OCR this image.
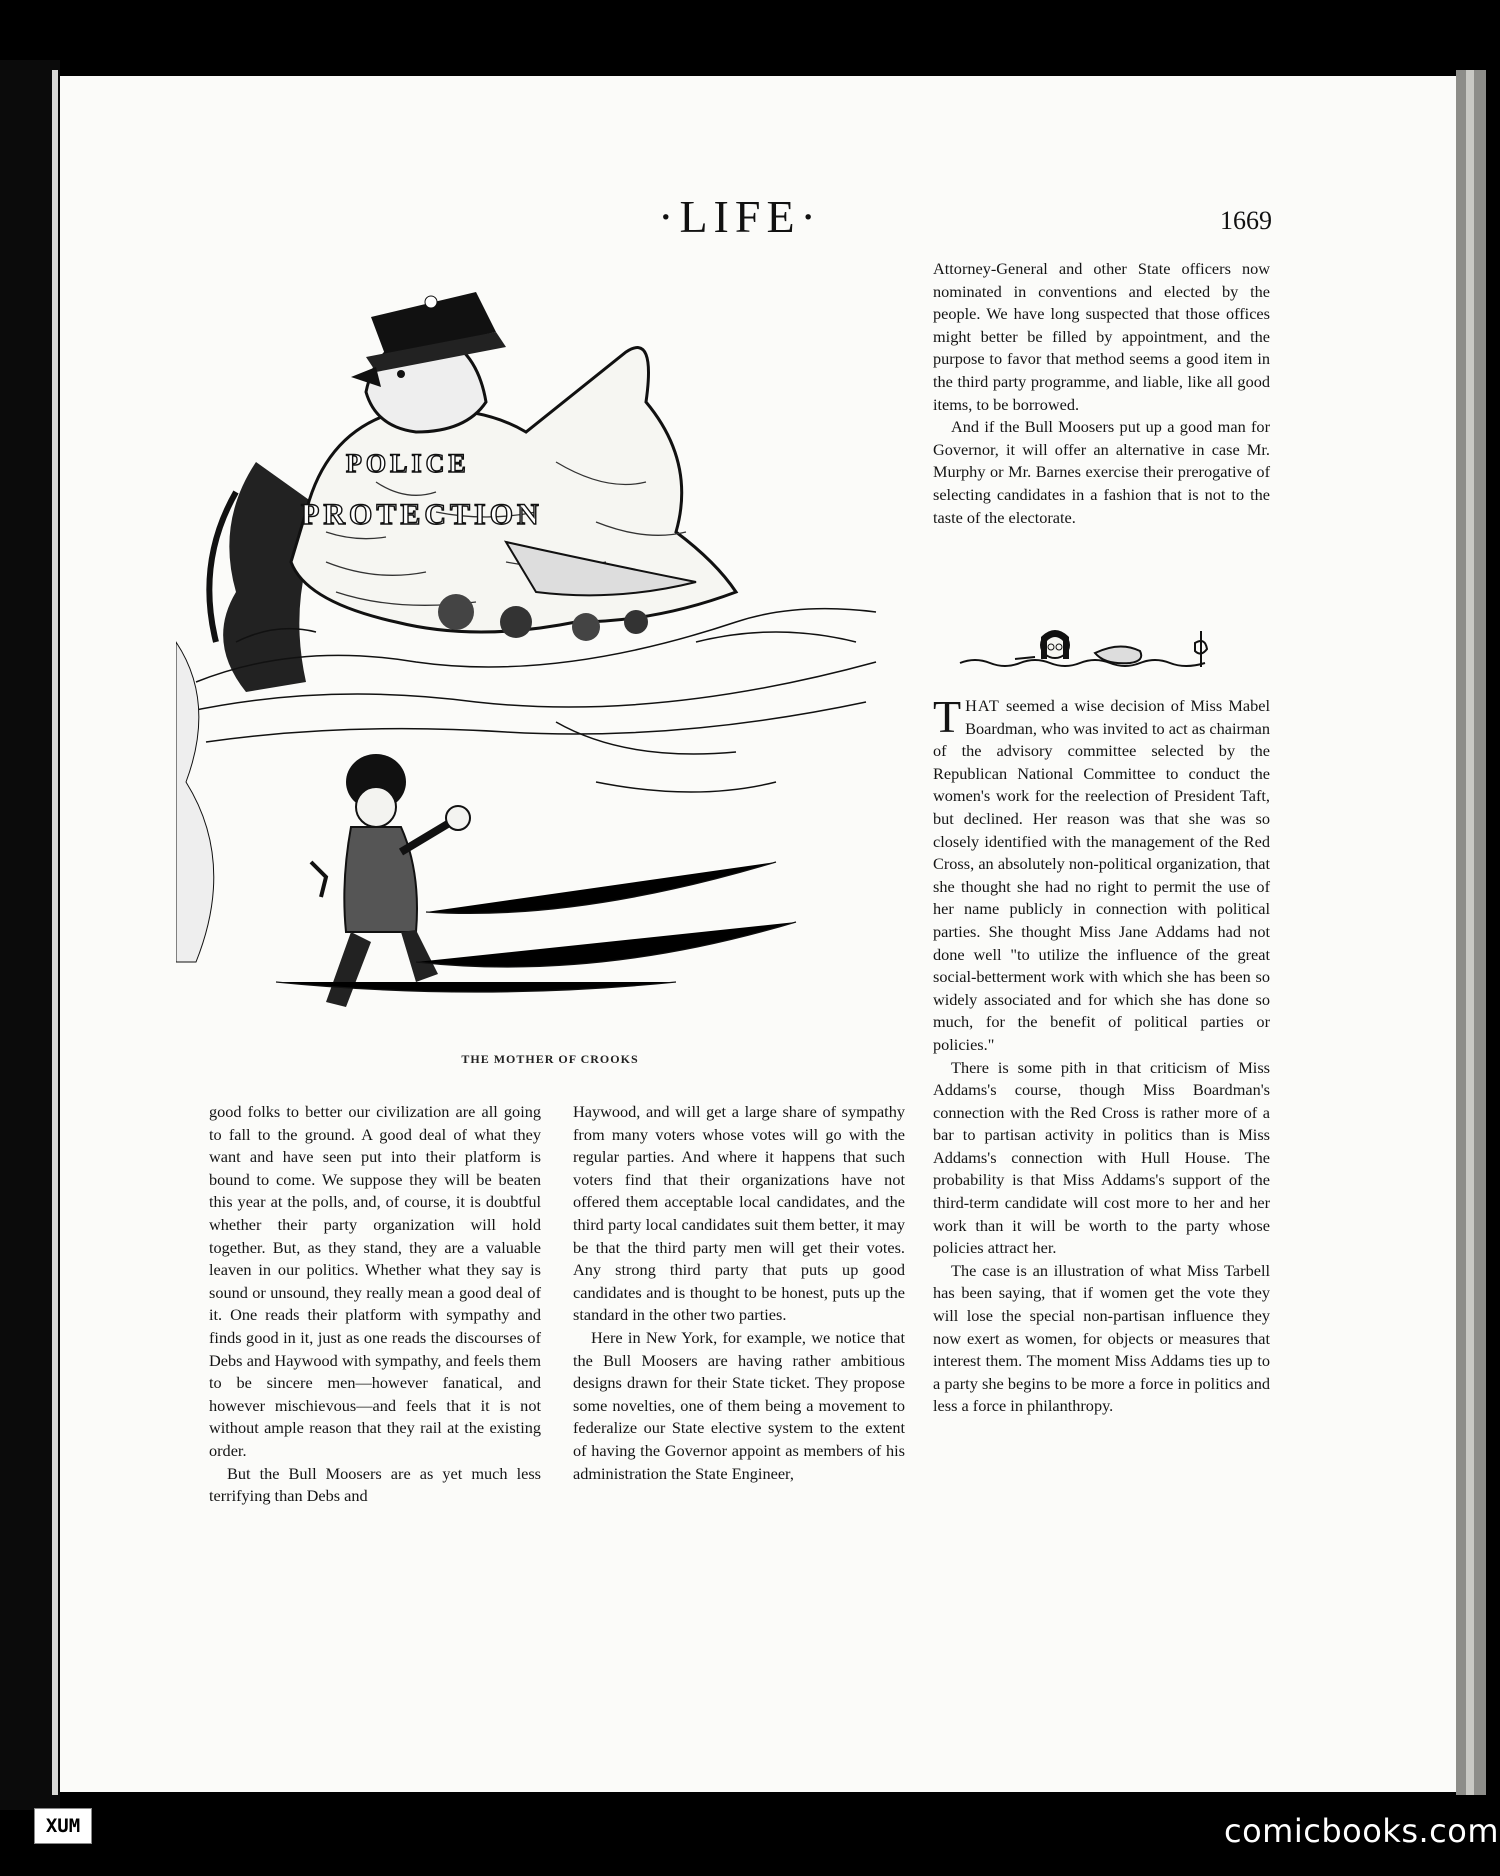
·LIFE·	1669
POLICE
PROTECTION
THE MOTHER OF CROOKS

good folks to better our civilization are all going to fall to the ground. A good deal of what they want and have seen put into their platform is bound to come. We suppose they will be beaten this year at the polls, and, of course, it is doubtful whether their party organization will hold together. But, as they stand, they are a valuable leaven in our politics. Whether what they say is sound or unsound, they really mean a good deal of it. One reads their platform with sympathy and finds good in it, just as one reads the discourses of Debs and Haywood with sympathy, and feels them to be sincere men—however fanatical, and however mischievous—and feels that it is not without ample reason that they rail at the existing order.

But the Bull Moosers are as yet much less terrifying than Debs and

Haywood, and will get a large share of sympathy from many voters whose votes will go with the regular parties. And where it happens that such voters find that their organizations have not offered them acceptable local candidates, and the third party local candidates suit them better, it may be that the third party men will get their votes. Any strong third party that puts up good candidates and is thought to be honest, puts up the standard in the other two parties.

Here in New York, for example, we notice that the Bull Moosers are having rather ambitious designs drawn for their State ticket. They propose some novelties, one of them being a movement to federalize our State elective system to the extent of having the Governor appoint as members of his administration the State Engineer,

Attorney-General and other State officers now nominated in conventions and elected by the people. We have long suspected that those offices might better be filled by appointment, and the purpose to favor that method seems a good item in the third party programme, and liable, like all good items, to be borrowed.

And if the Bull Moosers put up a good man for Governor, it will offer an alternative in case Mr. Murphy or Mr. Barnes exercise their prerogative of selecting candidates in a fashion that is not to the taste of the electorate.

THAT seemed a wise decision of Miss Mabel Boardman, who was invited to act as chairman of the advisory committee selected by the Republican National Committee to conduct the women's work for the reelection of President Taft, but declined. Her reason was that she was so closely identified with the management of the Red Cross, an absolutely non-political organization, that she thought she had no right to permit the use of her name publicly in connection with political parties. She thought Miss Jane Addams had not done well "to utilize the influence of the great social-betterment work with which she has been so widely associated and for which she has done so much, for the benefit of political parties or policies."

There is some pith in that criticism of Miss Addams's course, though Miss Boardman's connection with the Red Cross is rather more of a bar to partisan activity in politics than is Miss Addams's connection with Hull House. The probability is that Miss Addams's support of the third-term candidate will cost more to her and her work than it will be worth to the party whose policies attract her.

The case is an illustration of what Miss Tarbell has been saying, that if women get the vote they will lose the special non-partisan influence they now exert as women, for objects or measures that interest them. The moment Miss Addams ties up to a party she begins to be more a force in politics and less a force in philanthropy.

XUM	comicbooks.com
